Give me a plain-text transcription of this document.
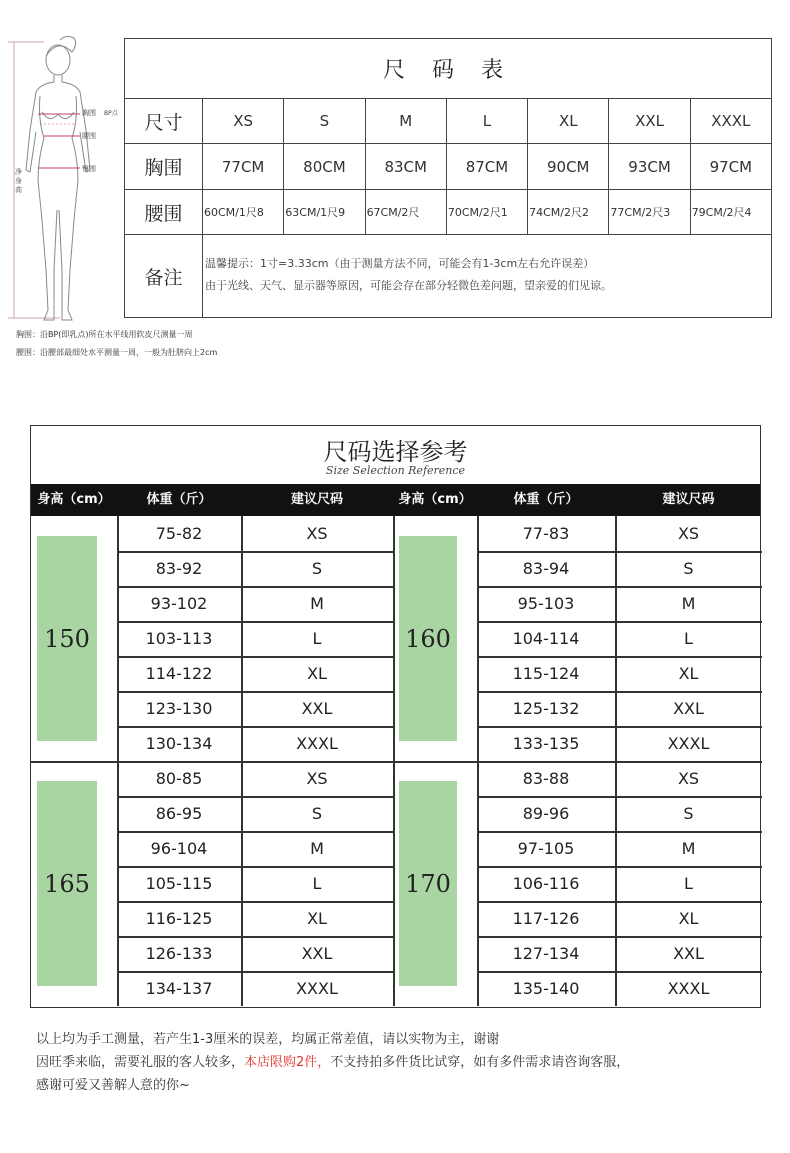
胸围 BP点
腰围
臀围
净身高
胸围：沿BP(即乳点)所在水平线用软皮尺测量一周
腰围：沿腰部最细处水平测量一周，一般为肚脐向上2cm
尺 码 表
尺寸	XS	S	M	L	XL	XXL	XXXL
胸围	77CM	80CM	83CM	87CM	90CM	93CM	97CM
腰围	60CM/1尺8	63CM/1尺9	67CM/2尺	70CM/2尺1	74CM/2尺2	77CM/2尺3	79CM/2尺4
备注
温馨提示：1寸=3.33cm（由于测量方法不同，可能会有1-3cm左右允许误差）
由于光线、天气、显示器等原因，可能会存在部分轻微色差问题，望亲爱的们见谅。
尺码选择参考
Size Selection Reference
身高（cm）	体重（斤）	建议尺码	身高（cm）	体重（斤）	建议尺码
150
75-82	XS
83-92	S
93-102	M
103-113	L
114-122	XL
123-130	XXL
130-134	XXXL
160
77-83	XS
83-94	S
95-103	M
104-114	L
115-124	XL
125-132	XXL
133-135	XXXL
165
80-85	XS
86-95	S
96-104	M
105-115	L
116-125	XL
126-133	XXL
134-137	XXXL
170
83-88	XS
89-96	S
97-105	M
106-116	L
117-126	XL
127-134	XXL
135-140	XXXL
以上均为手工测量，若产生1-3厘米的误差，均属正常差值，请以实物为主，谢谢
因旺季来临，需要礼服的客人较多，本店限购2件，不支持拍多件货比试穿，如有多件需求请咨询客服，
感谢可爱又善解人意的你~
